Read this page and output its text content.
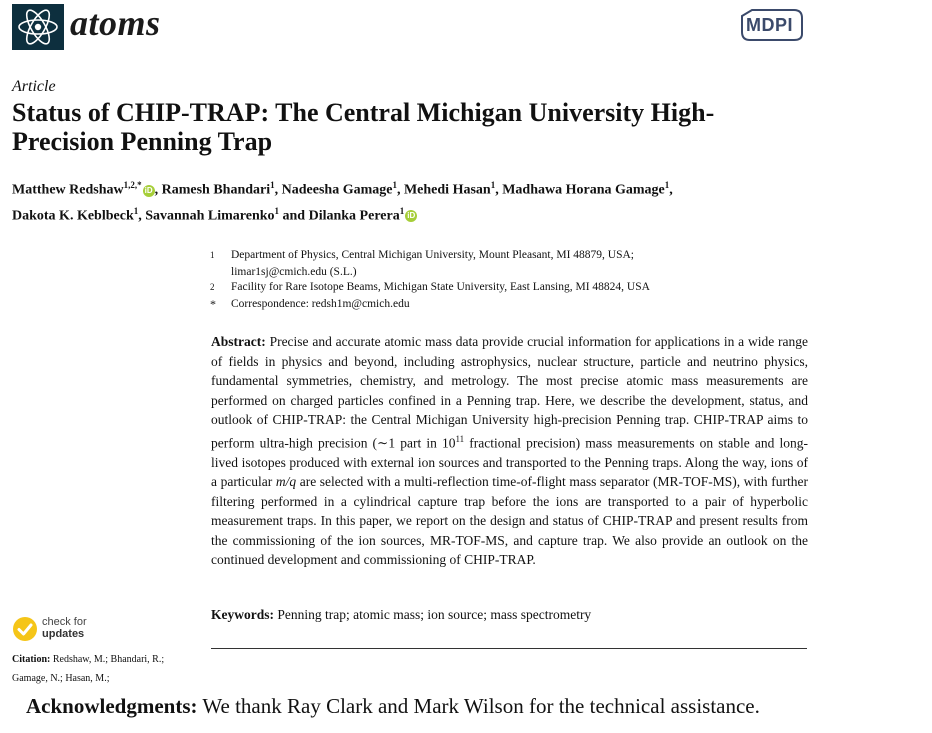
atoms	MDPI
Article
Status of CHIP-TRAP: The Central Michigan University High-Precision Penning Trap
Matthew Redshaw$^{1,2,*}$iD , Ramesh Bhandari$^1$, Nadeesha Gamage$^1$, Mehedi Hasan$^1$, Madhawa Horana Gamage$^1$,
Dakota K. Keblbeck$^1$, Savannah Limarenko$^1$ and Dilanka Perera$^1$iD
1 Department of Physics, Central Michigan University, Mount Pleasant, MI 48879, USA;
limar1sj@cmich.edu (S.L.)
2 Facility for Rare Isotope Beams, Michigan State University, East Lansing, MI 48824, USA
* Correspondence: redsh1m@cmich.edu

Abstract: Precise and accurate atomic mass data provide crucial information for applications in a wide range of fields in physics and beyond, including astrophysics, nuclear structure, particle and neutrino physics, fundamental symmetries, chemistry, and metrology. The most precise atomic mass measurements are performed on charged particles confined in a Penning trap. Here, we describe the development, status, and outlook of CHIP-TRAP: the Central Michigan University high-precision Penning trap. CHIP-TRAP aims to perform ultra-high precision (∼1 part in $10^{11}$ fractional precision) mass measurements on stable and long-lived isotopes produced with external ion sources and transported to the Penning traps. Along the way, ions of a particular m/q are selected with a multi-reflection time-of-flight mass separator (MR-TOF-MS), with further filtering performed in a cylindrical capture trap before the ions are transported to a pair of hyperbolic measurement traps. In this paper, we report on the design and status of CHIP-TRAP and present results from the commissioning of the ion sources, MR-TOF-MS, and capture trap. We also provide an outlook on the continued development and commissioning of CHIP-TRAP.

Keywords: Penning trap; atomic mass; ion source; mass spectrometry
check for
updates
Citation: Redshaw, M.; Bhandari, R.;
Gamage, N.; Hasan, M.;
Acknowledgments: We thank Ray Clark and Mark Wilson for the technical assistance.
